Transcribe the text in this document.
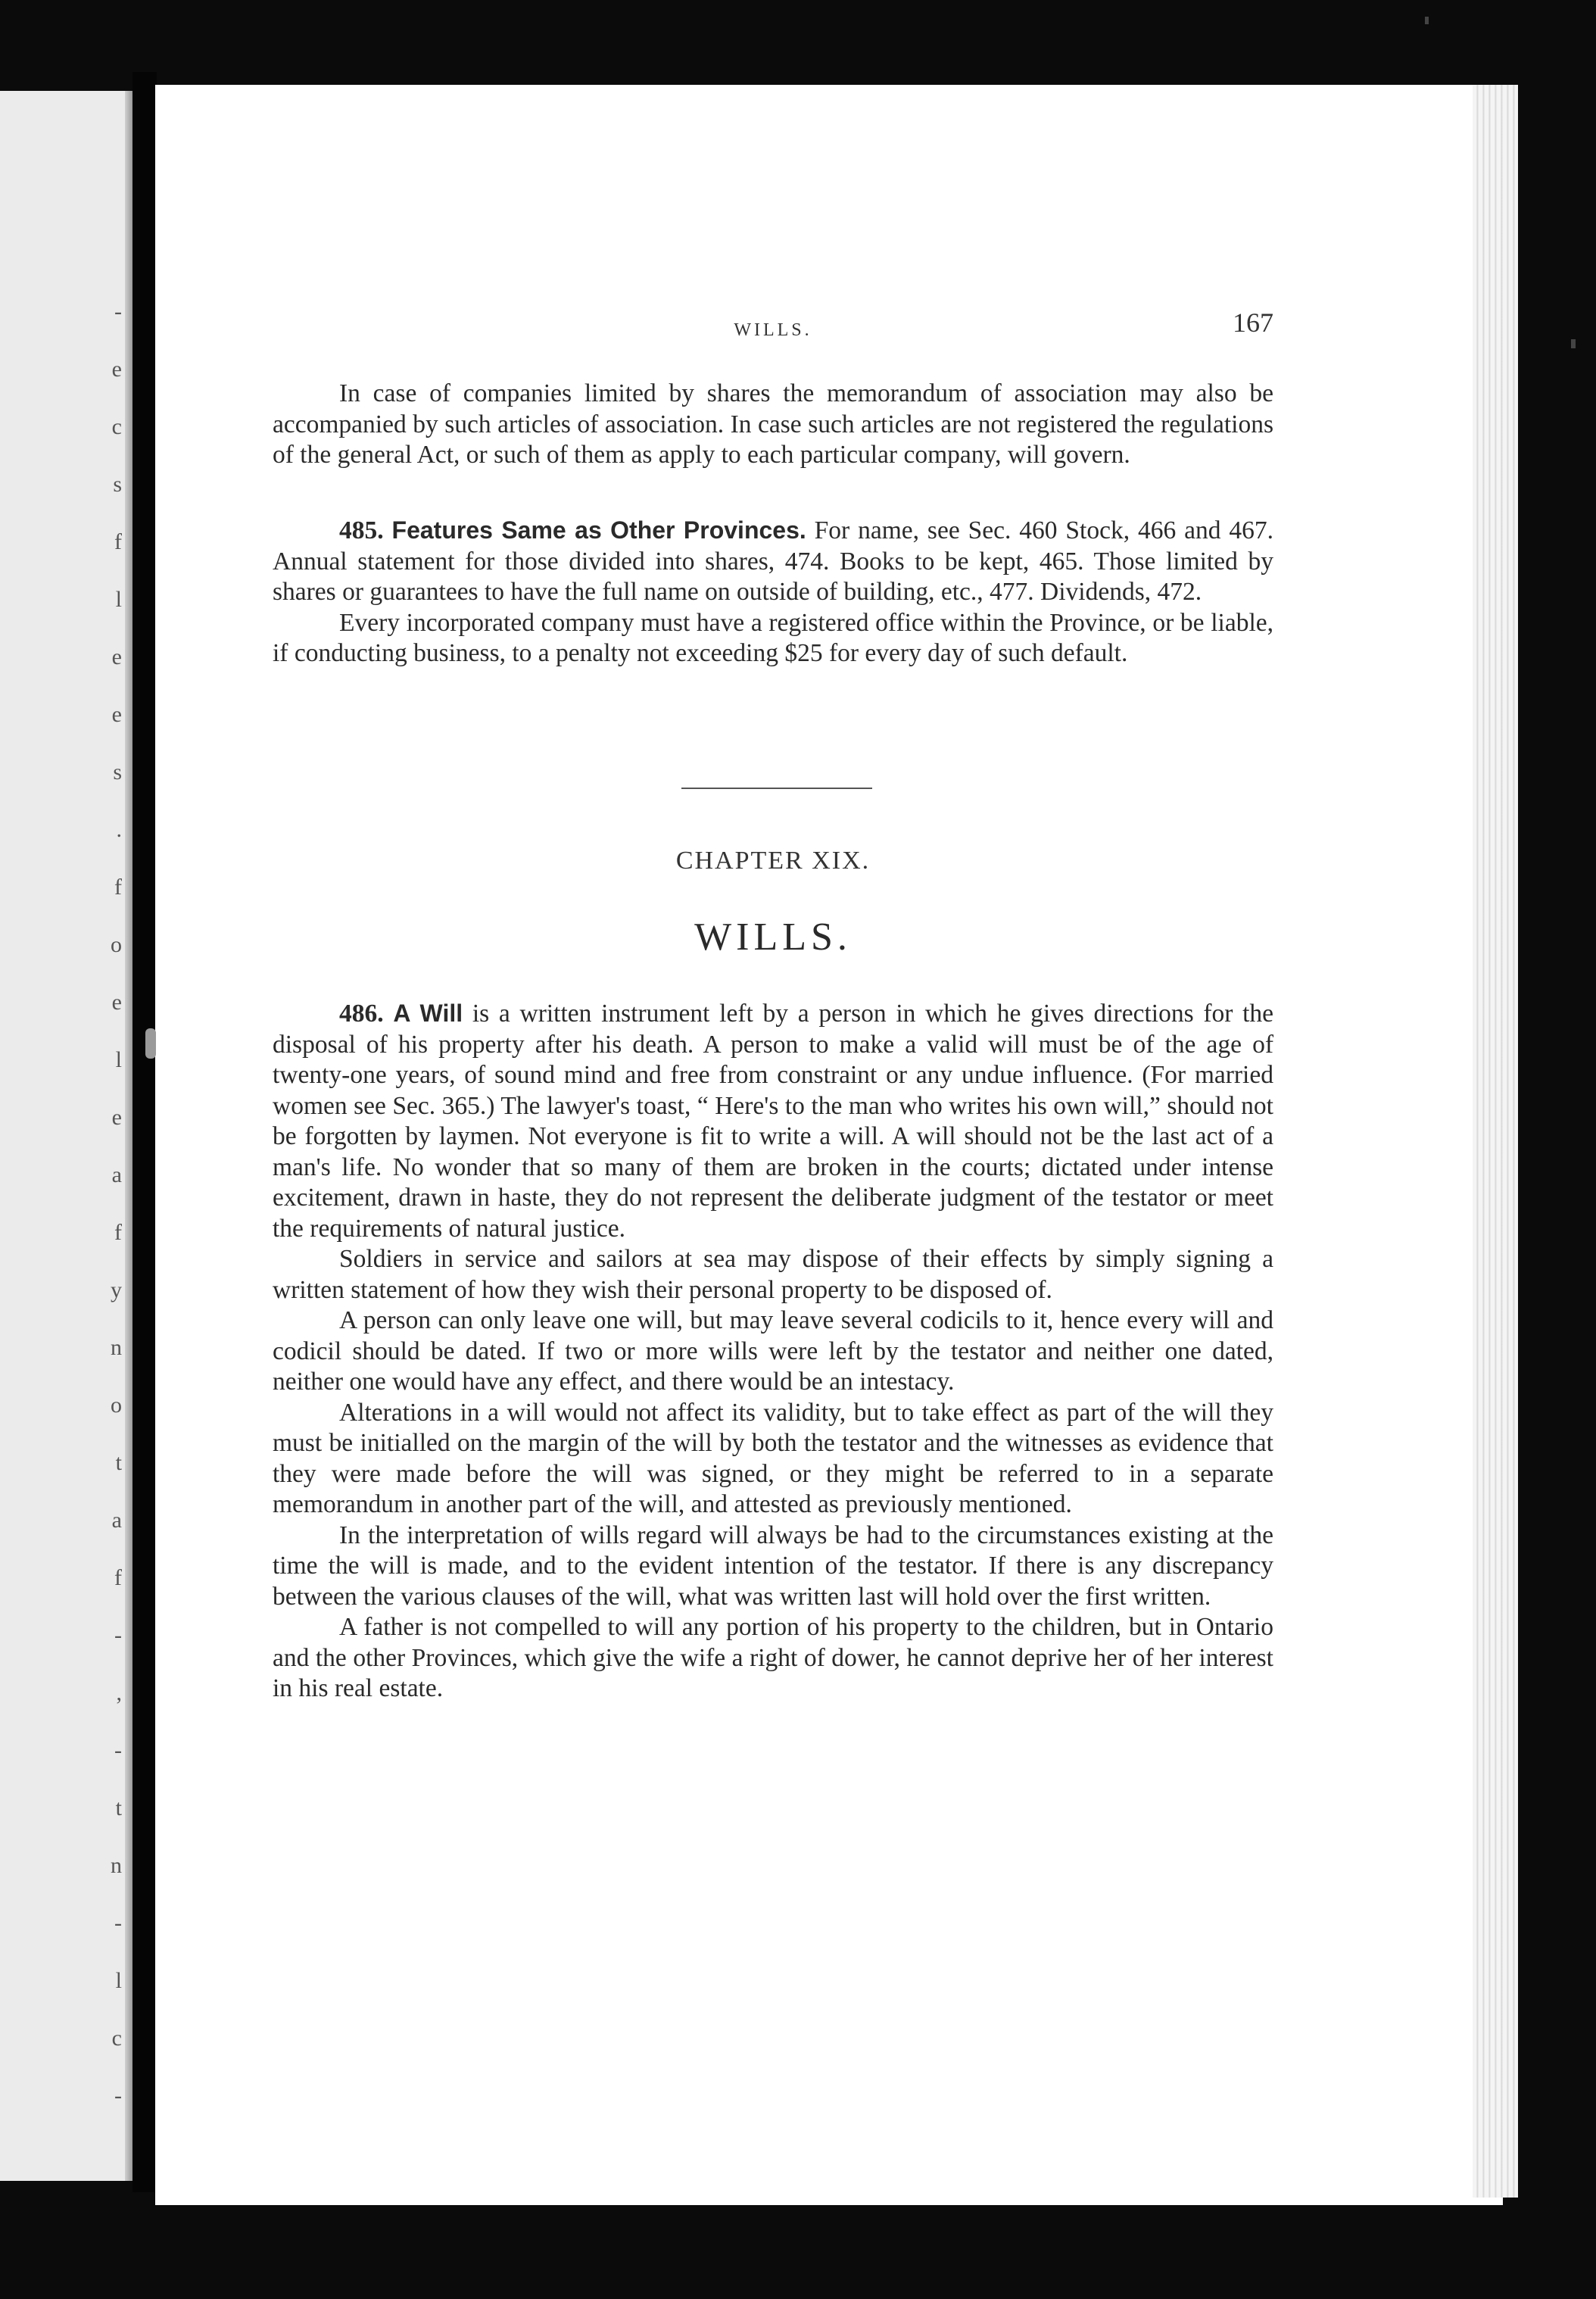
-
e
c
s
f
l
e
e
s
.
f
o
e
l
e
a
f
y
n
o
t
a
f
-
,
-
t
n
-
l
c
-
WILLS.	167

In case of companies limited by shares the memorandum of association may also be accompanied by such articles of association. In case such articles are not registered the regulations of the general Act, or such of them as apply to each particular company, will govern.

485. Features Same as Other Provinces. For name, see Sec. 460 Stock, 466 and 467. Annual statement for those divided into shares, 474. Books to be kept, 465. Those limited by shares or guarantees to have the full name on outside of building, etc., 477. Dividends, 472.

Every incorporated company must have a registered office within the Province, or be liable, if conducting business, to a penalty not exceeding $25 for every day of such default.

CHAPTER XIX.
WILLS.

486. A Will is a written instrument left by a person in which he gives directions for the disposal of his property after his death. A person to make a valid will must be of the age of twenty-one years, of sound mind and free from constraint or any undue influence. (For married women see Sec. 365.) The lawyer's toast, “ Here's to the man who writes his own will,” should not be forgotten by laymen. Not everyone is fit to write a will. A will should not be the last act of a man's life. No wonder that so many of them are broken in the courts; dictated under intense excitement, drawn in haste, they do not represent the deliberate judgment of the testator or meet the requirements of natural justice.

Soldiers in service and sailors at sea may dispose of their effects by simply signing a written statement of how they wish their personal property to be disposed of.

A person can only leave one will, but may leave several codicils to it, hence every will and codicil should be dated. If two or more wills were left by the testator and neither one dated, neither one would have any effect, and there would be an intestacy.

Alterations in a will would not affect its validity, but to take effect as part of the will they must be initialled on the margin of the will by both the testator and the witnesses as evidence that they were made before the will was signed, or they might be referred to in a separate memorandum in another part of the will, and attested as previously mentioned.

In the interpretation of wills regard will always be had to the circumstances existing at the time the will is made, and to the evident intention of the testator. If there is any discrepancy between the various clauses of the will, what was written last will hold over the first written.

A father is not compelled to will any portion of his property to the children, but in Ontario and the other Provinces, which give the wife a right of dower, he cannot deprive her of her interest in his real estate.
